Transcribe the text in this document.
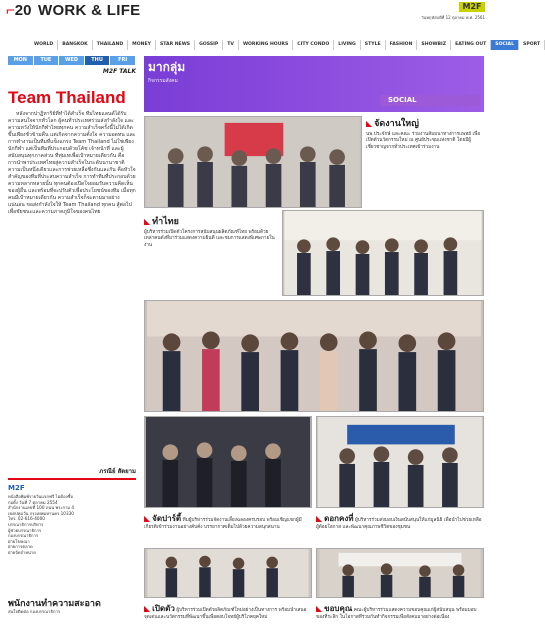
⌐20 WORK & LIFE	M2F
วันพฤหัสบดีที่ 12 ตุลาคม พ.ศ. 2561
WORLD	BANGKOK	THAILAND	MONEY	STAR NEWS	GOSSIP	TV	WORKING HOURS	CITY CONDO	LIVING	STYLE	FASHION	SHOWBIZ	EATING OUT	SOCIAL	SPORT
MON	TUE	WED	THU	FRI
M2F TALK
Team Thailand
หลังจากปาฏิหาริย์ที่ทำได้สำเร็จ ทีมไทยแลนด์ได้รับความสนใจจากทั่วโลก ผู้คนทั่วประเทศร่วมส่งกำลังใจ และความหวังให้นักกีฬาไทยทุกคน ความสำเร็จครั้งนี้ไม่ได้เกิดขึ้นเพียงชั่วข้ามคืน แต่เกิดจากความตั้งใจ ความอดทน และการทำงานเป็นทีมที่แข็งแกร่ง Team Thailand ไม่ใช่เพียงนักกีฬา แต่เป็นทีมที่ประกอบด้วยโค้ช เจ้าหน้าที่ และผู้สนับสนุนทุกภาคส่วน ที่ทุ่มเทเพื่อเป้าหมายเดียวกัน คือการนำพาประเทศไทยสู่ความสำเร็จในระดับนานาชาติ ความเป็นหนึ่งเดียวและการช่วยเหลือซึ่งกันและกัน คือหัวใจสำคัญของทีมที่ประสบความสำเร็จ การทำทีมที่ประกอบด้วยความหลากหลายนั้น ทุกคนต้องเปิดใจยอมรับความคิดเห็นของผู้อื่น และพร้อมที่จะปรับตัวเพื่อประโยชน์ของทีม เมื่อทุกคนมีเป้าหมายเดียวกัน ความสำเร็จก็จะตามมาอย่างแน่นอน ขอส่งกำลังใจให้ Team Thailand ทุกคน สู้ต่อไปเพื่อชัยชนะและความภาคภูมิใจของคนไทย
ภรณีย์ สัตยาม
M2F
หนังสือพิมพ์รายวันแจกฟรี ไม่ต้องซื้อ
ก่อตั้ง วันที่ 7 ตุลาคม 2554
สำนักงานเลขที่ 100 ถนน พระราม 4
เขตปทุมวัน กรุงเทพมหานคร 10330
โทร. 02-616-4000
บรรณาธิการบริหาร
ผู้ช่วยบรรณาธิการ
กองบรรณาธิการ
ฝ่ายโฆษณา
ฝ่ายการตลาด
ฝ่ายจัดจำหน่าย
พนักงานทำความสะอาด
สนใจติดต่อ กองบรรณาธิการ
มากลุ่ม
กิจกรรมสังคม
SOCIAL
◣ จัดงานใหญ่
นพ.ประจักษ์ และคณะ ร่วมงานสัมมนาทางการแพทย์ เพื่อเปิดตัวนวัตกรรมใหม่ ณ ศูนย์ประชุมแห่งชาติ โดยมีผู้เชี่ยวชาญจากทั่วประเทศเข้าร่วมงาน
◣ ทำไทย
ผู้บริหารร่วมเปิดตัวโครงการสนับสนุนผลิตภัณฑ์ไทย พร้อมด้วยเหล่าคนดังที่มาร่วมแสดงความยินดี และชมการแสดงพิเศษภายในงาน
◣ จัดปาร์ตี้ ทีมผู้บริหารร่วมจัดงานเลี้ยงฉลองครบรอบ พร้อมเชิญแขกผู้มีเกียรติเข้าร่วมงานอย่างคับคั่ง บรรยากาศเต็มไปด้วยความสนุกสนาน
◣ ดอกคงที่ ผู้บริหารร่วมส่งมอบเงินสนับสนุนให้แก่มูลนิธิ เพื่อนำไปช่วยเหลือผู้ด้อยโอกาส และพัฒนาคุณภาพชีวิตของชุมชน
◣ เปิดตัว ผู้บริหารร่วมเปิดตัวผลิตภัณฑ์ใหม่อย่างเป็นทางการ พร้อมนำเสนอจุดเด่นและนวัตกรรมที่พัฒนาขึ้นเพื่อตอบโจทย์ผู้บริโภคยุคใหม่
◣ ขอบคุณ คณะผู้บริหารร่วมแสดงความขอบคุณแก่ผู้สนับสนุน พร้อมมอบของที่ระลึก ในโอกาสที่ร่วมกันทำกิจกรรมเพื่อสังคมมาอย่างต่อเนื่อง
